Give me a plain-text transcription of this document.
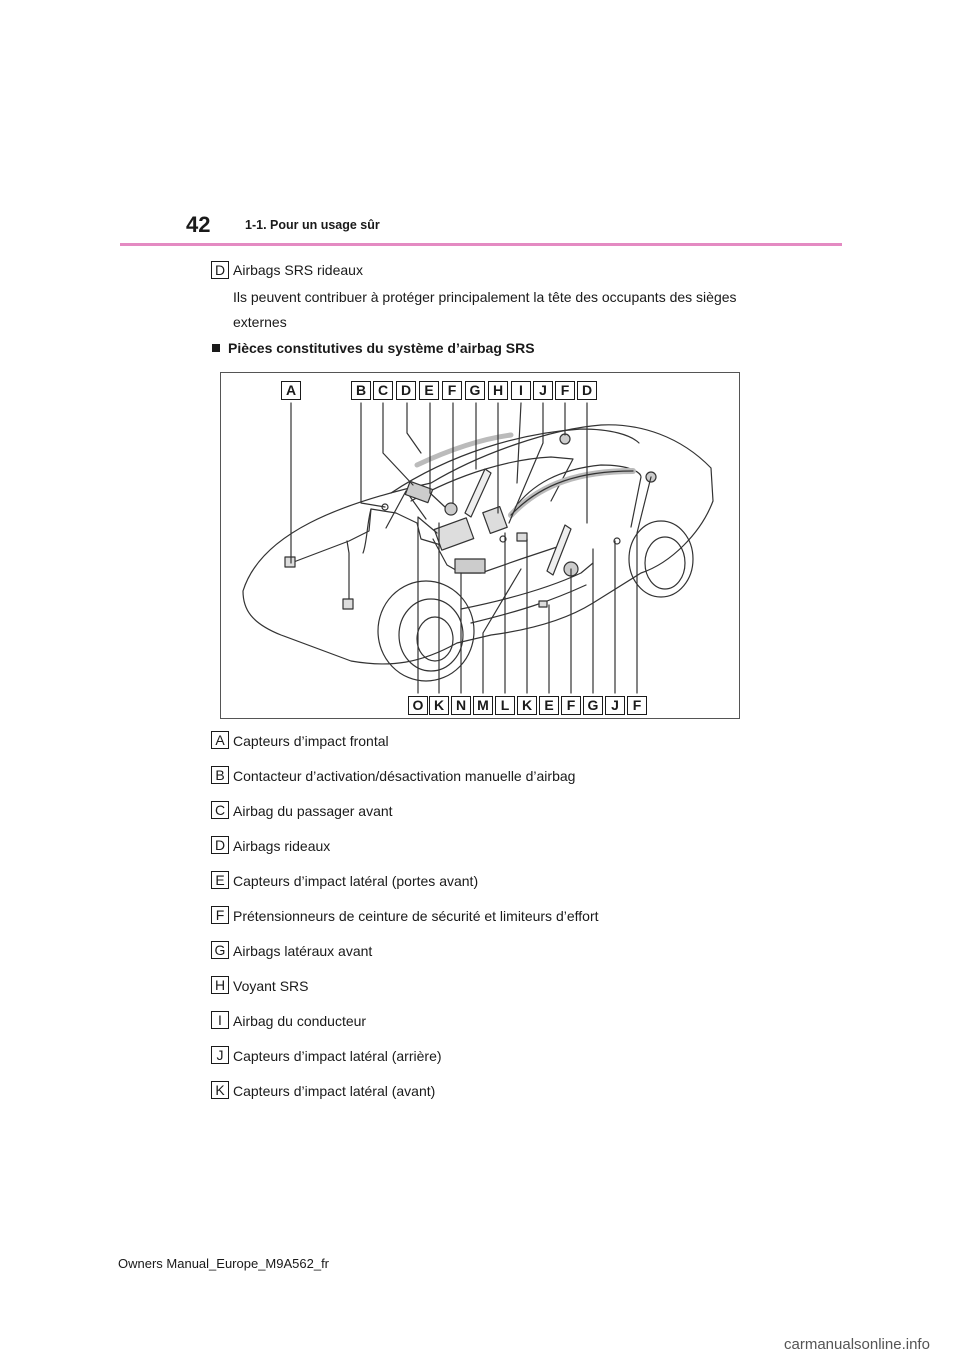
42	1-1. Pour un usage sûr
D Airbags SRS rideaux
Ils peuvent contribuer à protéger principalement la tête des occupants des sièges externes
Pièces constitutives du système d’airbag SRS
A	B C D E	F G H	I	J F D
O K N M L K E F G J F
A Capteurs d’impact frontal
B Contacteur d’activation/désactivation manuelle d’airbag
C Airbag du passager avant
D Airbags rideaux
E Capteurs d’impact latéral (portes avant)
F Prétensionneurs de ceinture de sécurité et limiteurs d’effort
G Airbags latéraux avant
H Voyant SRS
I Airbag du conducteur
J Capteurs d’impact latéral (arrière)
K Capteurs d’impact latéral (avant)
Owners Manual_Europe_M9A562_fr
carmanualsonline.info
